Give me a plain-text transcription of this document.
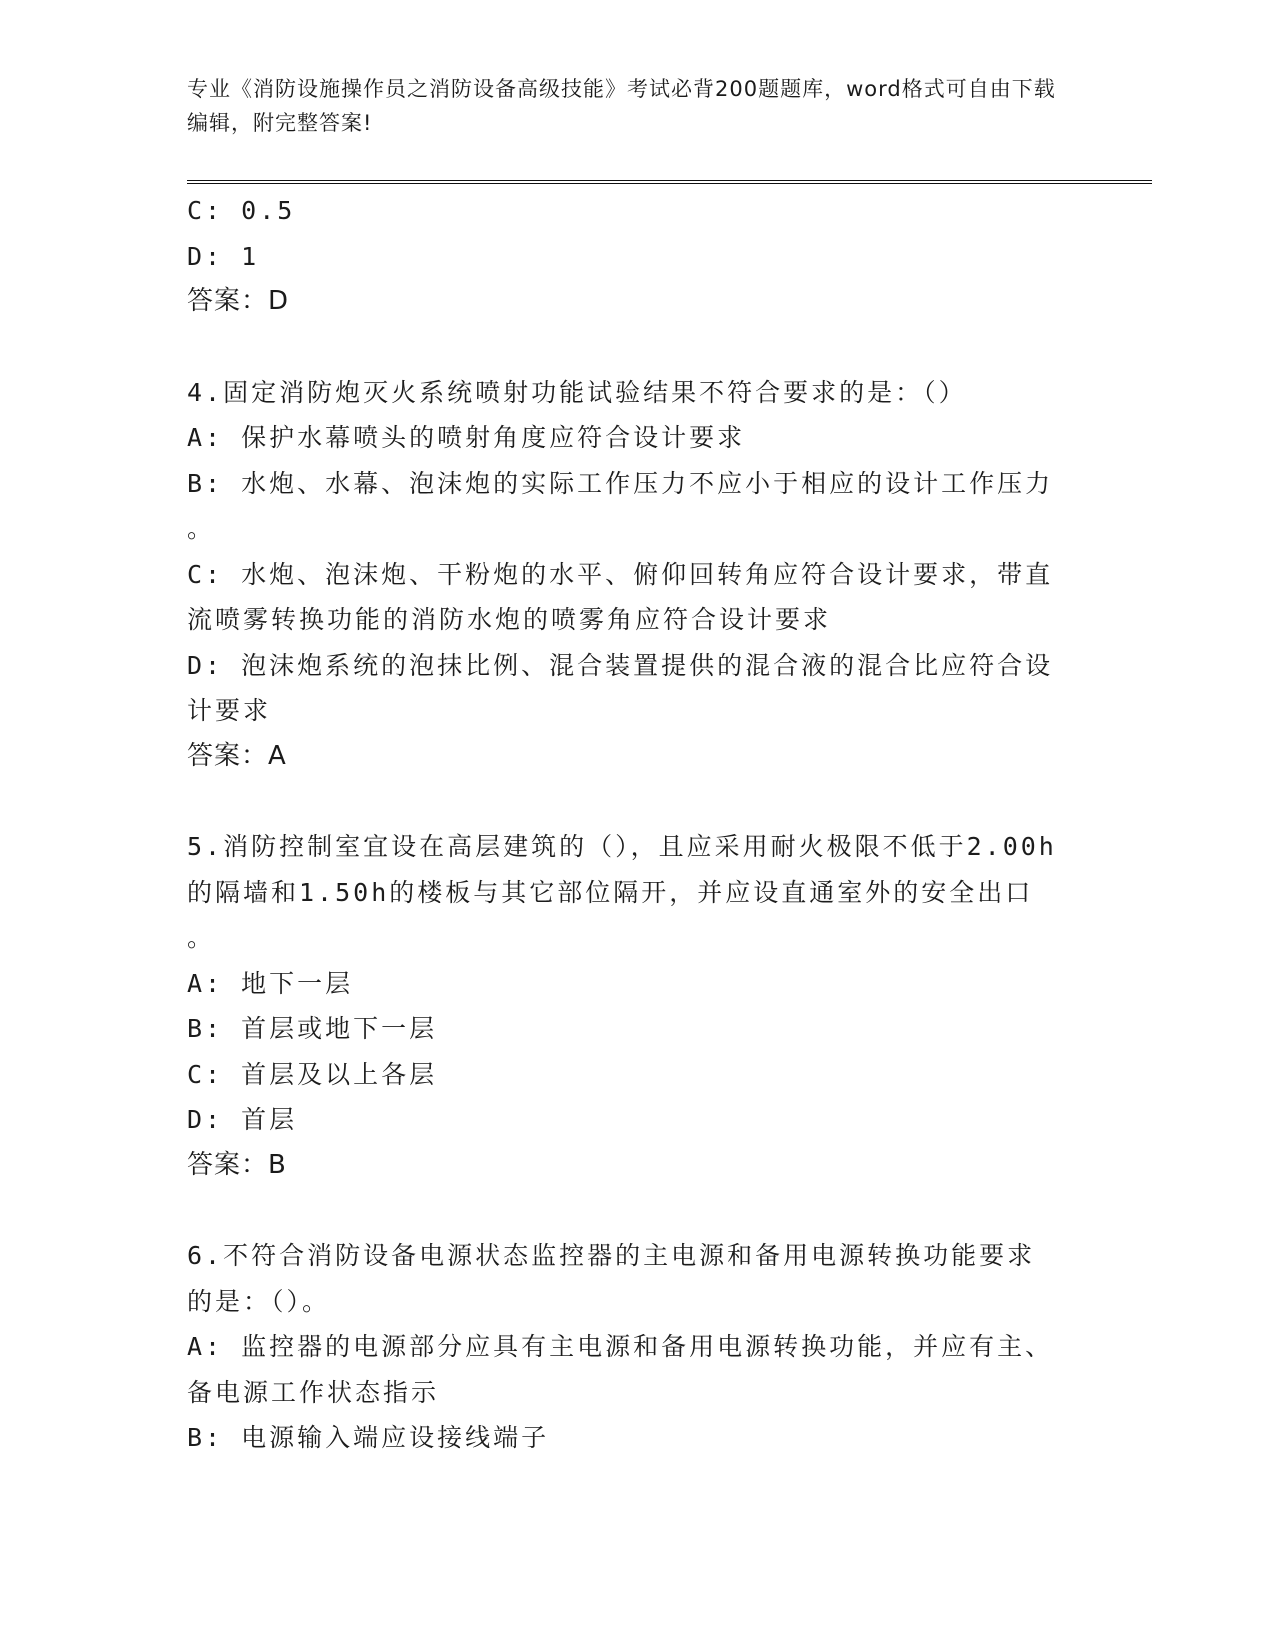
专业《消防设施操作员之消防设备高级技能》考试必背200题题库，word格式可自由下载编辑，附完整答案!
C: 0.5
D: 1
答案：D
4.固定消防炮灭火系统喷射功能试验结果不符合要求的是：（）
A: 保护水幕喷头的喷射角度应符合设计要求
B: 水炮、水幕、泡沫炮的实际工作压力不应小于相应的设计工作压力
。
C: 水炮、泡沫炮、干粉炮的水平、俯仰回转角应符合设计要求，带直
流喷雾转换功能的消防水炮的喷雾角应符合设计要求
D: 泡沫炮系统的泡抹比例、混合装置提供的混合液的混合比应符合设
计要求
答案：A
5.消防控制室宜设在高层建筑的（），且应采用耐火极限不低于2.00h
的隔墙和1.50h的楼板与其它部位隔开，并应设直通室外的安全出口
。
A: 地下一层
B: 首层或地下一层
C: 首层及以上各层
D: 首层
答案：B
6.不符合消防设备电源状态监控器的主电源和备用电源转换功能要求
的是：（）。
A: 监控器的电源部分应具有主电源和备用电源转换功能，并应有主、
备电源工作状态指示
B: 电源输入端应设接线端子
